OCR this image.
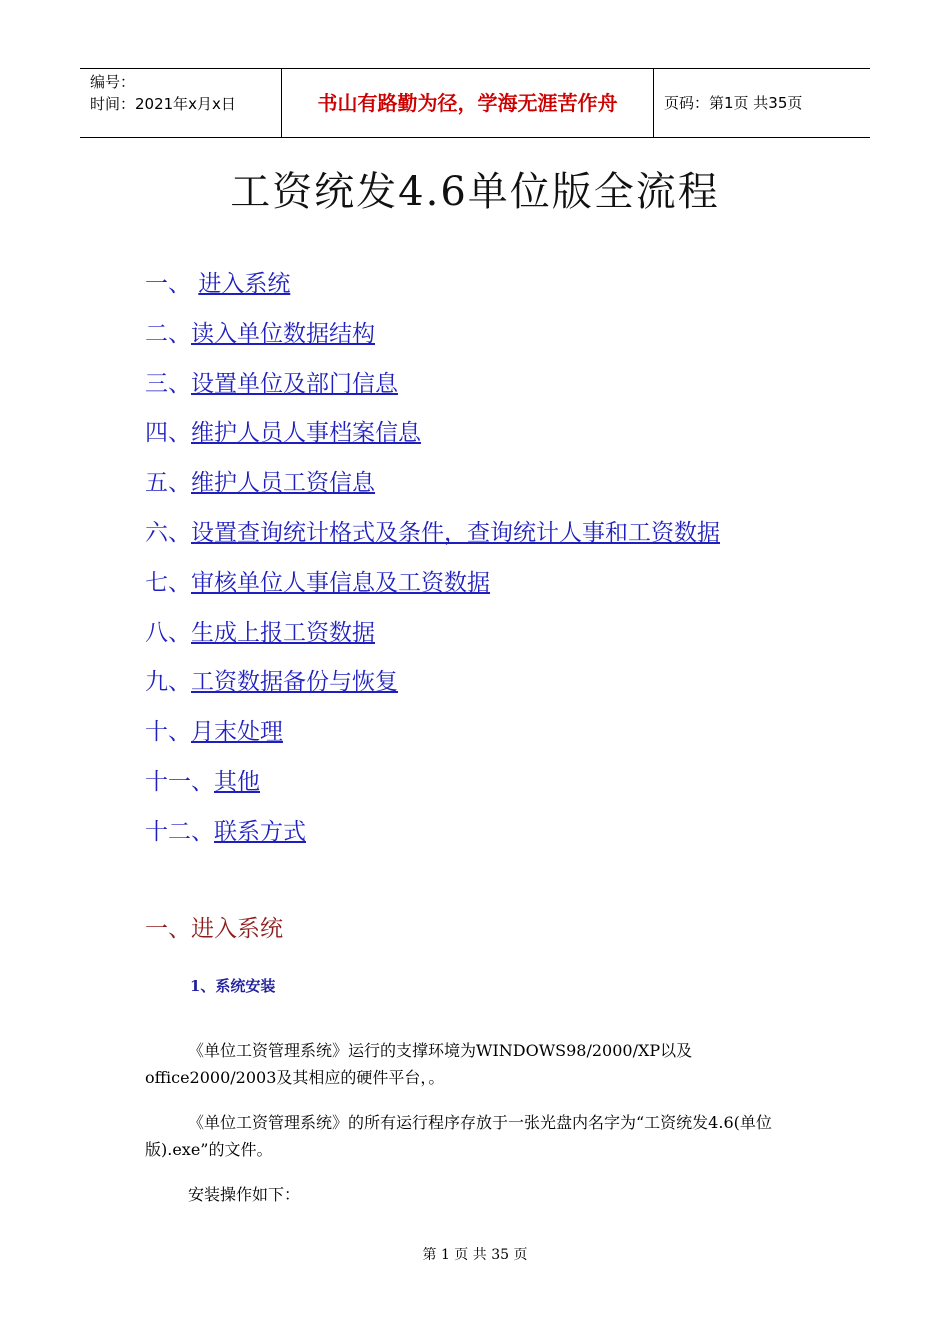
编号：
时间：2021年x月x日	书山有路勤为径，学海无涯苦作舟	页码：第1页 共35页
工资统发4.6单位版全流程
一、 进入系统
二、读入单位数据结构
三、设置单位及部门信息
四、维护人员人事档案信息
五、维护人员工资信息
六、设置查询统计格式及条件，查询统计人事和工资数据
七、审核单位人事信息及工资数据
八、生成上报工资数据
九、工资数据备份与恢复
十、月末处理
十一、其他
十二、联系方式
一、进入系统
1、系统安装

《单位工资管理系统》运行的支撑环境为WINDOWS98/2000/XP以及office2000/2003及其相应的硬件平台，。

《单位工资管理系统》的所有运行程序存放于一张光盘内名字为“工资统发4.6(单位版).exe”的文件。

安装操作如下：

第 1 页 共 35 页
